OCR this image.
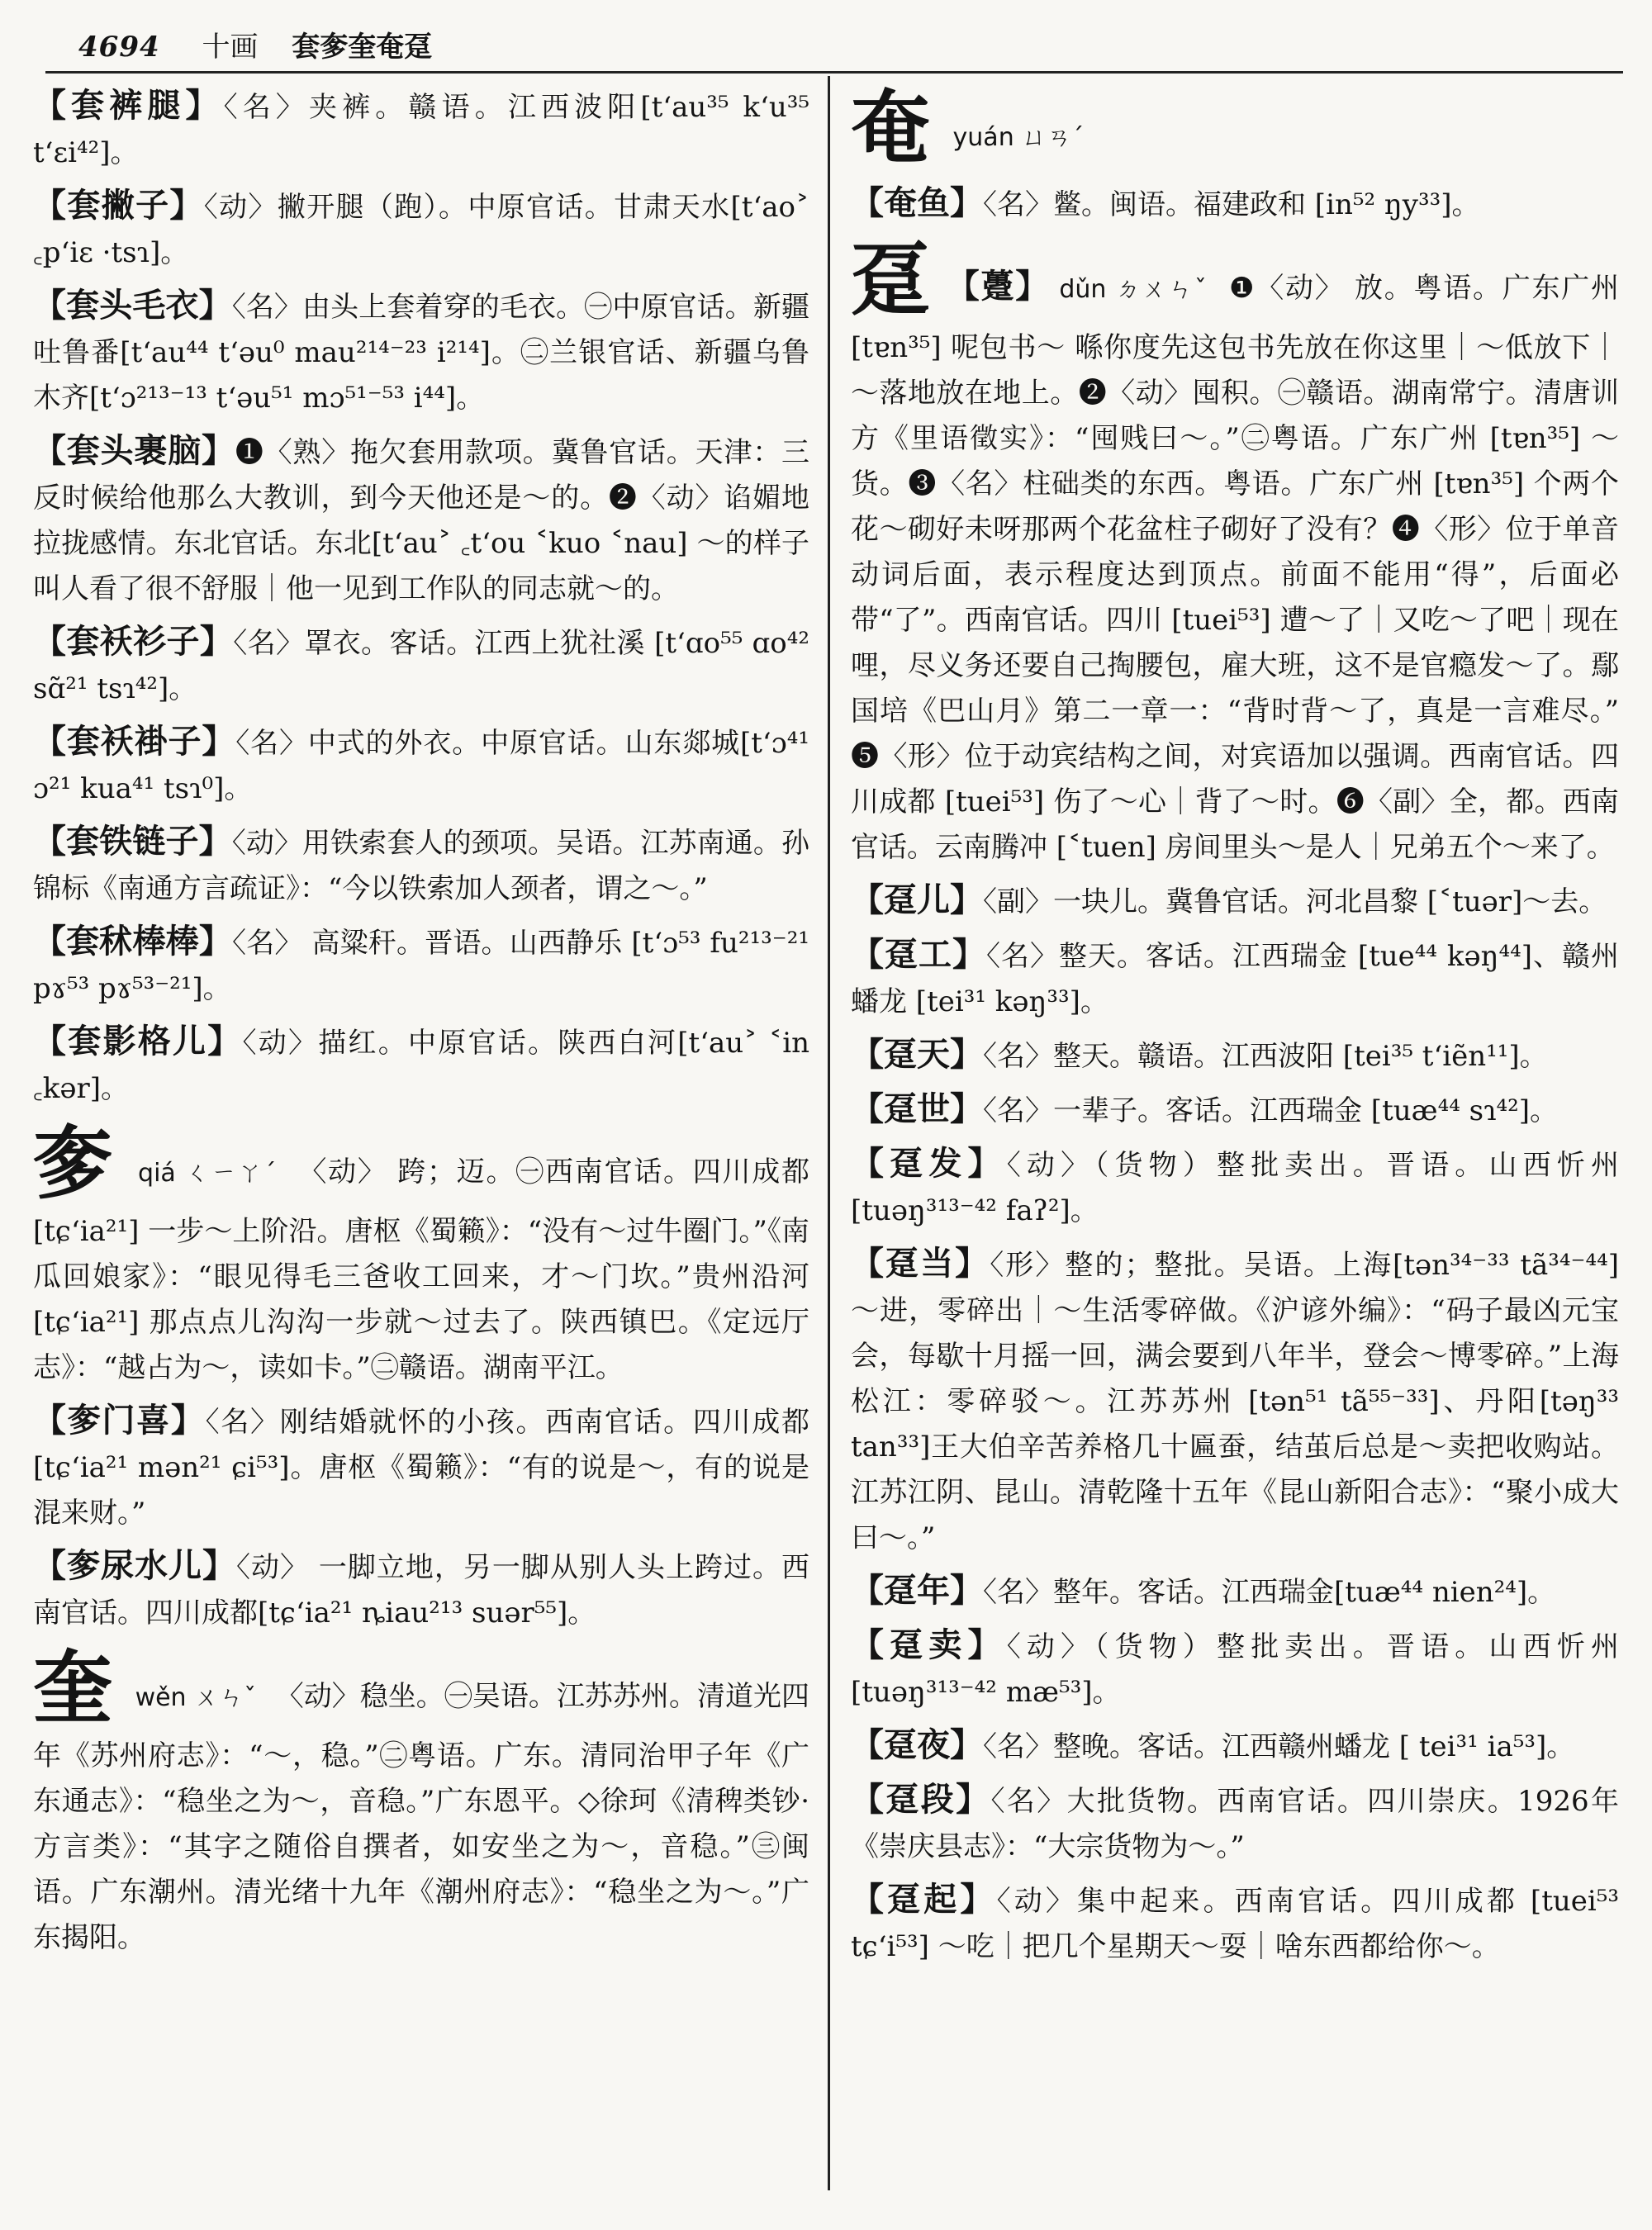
4694 十画 套奓奎奄趸
【套裤腿】〈名〉夹裤。赣语。江西波阳[t‘au³⁵ k‘u³⁵ t‘ɛi⁴²]。
【套撇子】〈动〉撇开腿（跑）。中原官话。甘肃天水[t‘ao˃ ꜀p‘iɛ ·tsɿ]。
【套头毛衣】〈名〉由头上套着穿的毛衣。㊀中原官话。新疆吐鲁番[t‘au⁴⁴ t‘əu⁰ mau²¹⁴⁻²³ i²¹⁴]。㊁兰银官话、新疆乌鲁木齐[t‘ɔ²¹³⁻¹³ t‘əu⁵¹ mɔ⁵¹⁻⁵³ i⁴⁴]。
【套头裹脑】❶〈熟〉拖欠套用款项。冀鲁官话。天津：三反时候给他那么大教训，到今天他还是～的。❷〈动〉谄媚地拉拢感情。东北官话。东北[t‘au˃ ꜀t‘ou ˂kuo ˂nau] ～的样子叫人看了很不舒服｜他一见到工作队的同志就～的。
【套袄衫子】〈名〉罩衣。客话。江西上犹社溪 [t‘ɑo⁵⁵ ɑo⁴² sɑ̃²¹ tsɿ⁴²]。
【套袄褂子】〈名〉中式的外衣。中原官话。山东郯城[t‘ɔ⁴¹ ɔ²¹ kua⁴¹ tsɿ⁰]。
【套铁链子】〈动〉用铁索套人的颈项。吴语。江苏南通。孙锦标《南通方言疏证》：“今以铁索加人颈者，谓之～。”
【套秫棒棒】〈名〉 高粱秆。晋语。山西静乐 [t‘ɔ⁵³ fu²¹³⁻²¹ pɤ⁵³ pɤ⁵³⁻²¹]。
【套影格儿】〈动〉描红。中原官话。陕西白河[t‘au˃ ˂in ꜀kər]。
奓 qiá ㄑㄧㄚˊ 〈动〉 跨；迈。㊀西南官话。四川成都[tɕ‘ia²¹] 一步～上阶沿。唐枢《蜀籁》：“没有～过牛圈门。”《南瓜回娘家》：“眼见得毛三爸收工回来，才～门坎。”贵州沿河 [tɕ‘ia²¹] 那点点儿沟沟一步就～过去了。陕西镇巴。《定远厅志》：“越占为～，读如卡。”㊁赣语。湖南平江。
【奓门喜】〈名〉刚结婚就怀的小孩。西南官话。四川成都 [tɕ‘ia²¹ mən²¹ ɕi⁵³]。唐枢《蜀籁》：“有的说是～，有的说是混来财。”
【奓尿水儿】〈动〉 一脚立地，另一脚从别人头上跨过。西南官话。四川成都[tɕ‘ia²¹ ȵiau²¹³ suər⁵⁵]。
奎 wěn ㄨㄣˇ 〈动〉稳坐。㊀吴语。江苏苏州。清道光四年《苏州府志》：“～，稳。”㊁粤语。广东。清同治甲子年《广东通志》：“稳坐之为～，音稳。”广东恩平。◇徐珂《清稗类钞·方言类》：“其字之随俗自撰者，如安坐之为～，音稳。”㊂闽语。广东潮州。清光绪十九年《潮州府志》：“稳坐之为～。”广东揭阳。
奄 yuán ㄩㄢˊ
【奄鱼】〈名〉鳖。闽语。福建政和 [in⁵² ŋy³³]。
趸 【躉】 dǔn ㄉㄨㄣˇ ❶〈动〉 放。粤语。广东广州 [tɐn³⁵] 呢包书～ 喺你度先这包书先放在你这里｜～低放下｜～落地放在地上。❷〈动〉囤积。㊀赣语。湖南常宁。清唐训方《里语徵实》：“囤贱曰～。”㊁粤语。广东广州 [tɐn³⁵] ～货。❸〈名〉柱础类的东西。粤语。广东广州 [tɐn³⁵] 个两个花～砌好未呀那两个花盆柱子砌好了没有？❹〈形〉位于单音动词后面，表示程度达到顶点。前面不能用“得”，后面必带“了”。西南官话。四川 [tuei⁵³] 遭～了｜又吃～了吧｜现在哩，尽义务还要自己掏腰包，雇大班，这不是官瘾发～了。鄢国培《巴山月》第二一章一：“背时背～了，真是一言难尽。” ❺〈形〉位于动宾结构之间，对宾语加以强调。西南官话。四川成都 [tuei⁵³] 伤了～心｜背了～时。❻〈副〉全，都。西南官话。云南腾冲 [˂tuen] 房间里头～是人｜兄弟五个～来了。
【趸儿】〈副〉一块儿。冀鲁官话。河北昌黎 [˂tuər]～去。
【趸工】〈名〉整天。客话。江西瑞金 [tue⁴⁴ kəŋ⁴⁴]、赣州蟠龙 [tei³¹ kəŋ³³]。
【趸天】〈名〉整天。赣语。江西波阳 [tei³⁵ t‘iẽn¹¹]。
【趸世】〈名〉一辈子。客话。江西瑞金 [tuæ⁴⁴ sɿ⁴²]。
【趸发】〈动〉（货物）整批卖出。晋语。山西忻州 [tuəŋ³¹³⁻⁴² faʔ²]。
【趸当】〈形〉整的；整批。吴语。上海[tən³⁴⁻³³ tã³⁴⁻⁴⁴] ～进，零碎出｜～生活零碎做。《沪谚外编》：“码子最凶元宝会，每歇十月摇一回，满会要到八年半，登会～博零碎。”上海松江：零碎驳～。江苏苏州 [tən⁵¹ tã⁵⁵⁻³³]、丹阳[təŋ³³ tan³³]王大伯辛苦养格几十匾蚕，结茧后总是～卖把收购站。江苏江阴、昆山。清乾隆十五年《昆山新阳合志》：“聚小成大曰～。”
【趸年】〈名〉整年。客话。江西瑞金[tuæ⁴⁴ nien²⁴]。
【趸卖】〈动〉（货物）整批卖出。晋语。山西忻州 [tuəŋ³¹³⁻⁴² mæ⁵³]。
【趸夜】〈名〉整晚。客话。江西赣州蟠龙 [ tei³¹ ia⁵³]。
【趸段】〈名〉大批货物。西南官话。四川崇庆。1926年《崇庆县志》：“大宗货物为～。”
【趸起】〈动〉集中起来。西南官话。四川成都 [tuei⁵³ tɕ‘i⁵³] ～吃｜把几个星期天～耍｜啥东西都给你～。
